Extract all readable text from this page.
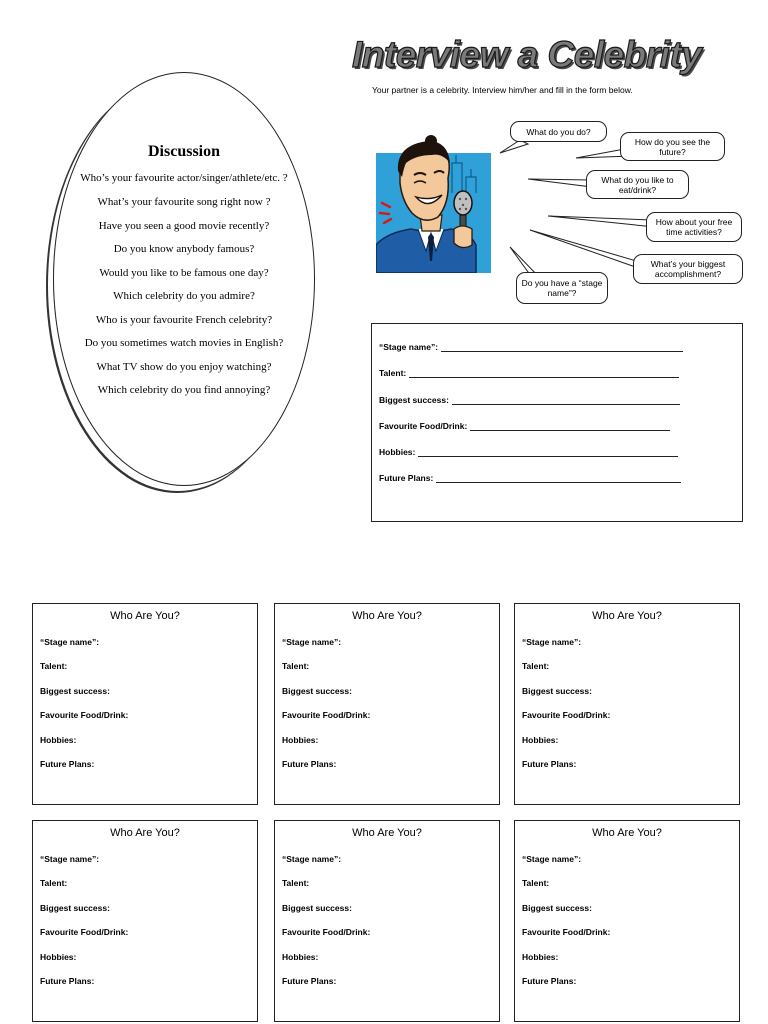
Interview a Celebrity
Your partner is a celebrity. Interview him/her and fill in the form below.
Discussion
Who’s your favourite actor/singer/athlete/etc. ?
What’s your favourite song right now ?
Have you seen a good movie recently?
Do you know anybody famous?
Would you like to be famous one day?
Which celebrity do you admire?
Who is your favourite French celebrity?
Do you sometimes watch movies in English?
What TV show do you enjoy watching?
Which celebrity do you find annoying?
What do you do?
How do you see the future?
What do you like to eat/drink?
How about your free time activities?
What’s your biggest accomplishment?
Do you have a “stage name”?
“Stage name”:
Talent:
Biggest success:
Favourite Food/Drink:
Hobbies:
Future Plans:
Who Are You?
“Stage name”:
Talent:
Biggest success:
Favourite Food/Drink:
Hobbies:
Future Plans:
Who Are You?
“Stage name”:
Talent:
Biggest success:
Favourite Food/Drink:
Hobbies:
Future Plans:
Who Are You?
“Stage name”:
Talent:
Biggest success:
Favourite Food/Drink:
Hobbies:
Future Plans:
Who Are You?
“Stage name”:
Talent:
Biggest success:
Favourite Food/Drink:
Hobbies:
Future Plans:
Who Are You?
“Stage name”:
Talent:
Biggest success:
Favourite Food/Drink:
Hobbies:
Future Plans:
Who Are You?
“Stage name”:
Talent:
Biggest success:
Favourite Food/Drink:
Hobbies:
Future Plans:
